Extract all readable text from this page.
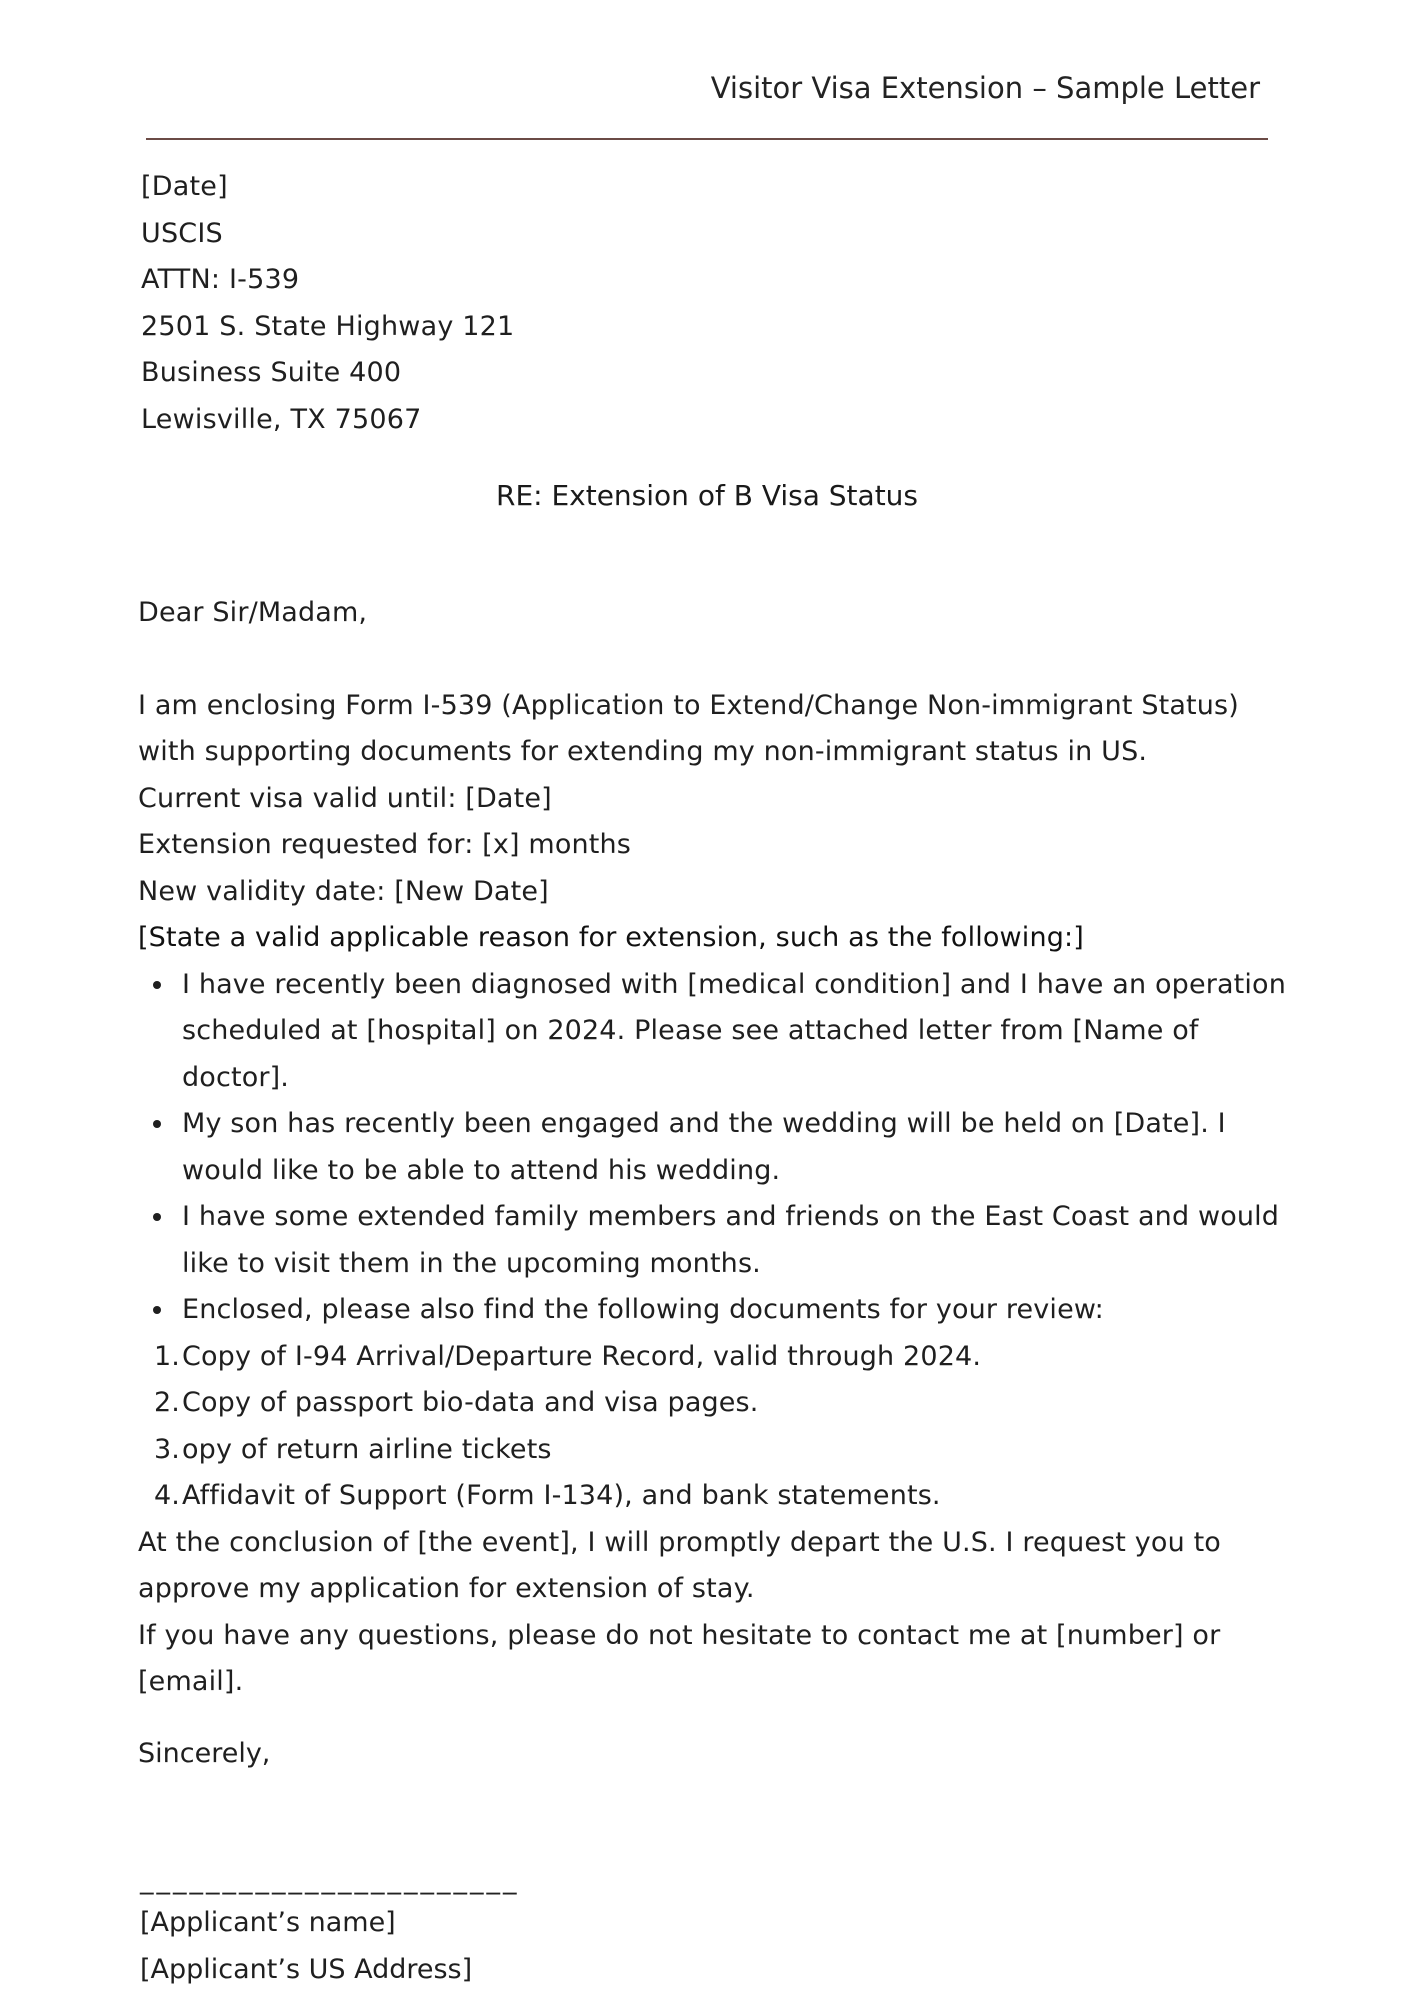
Visitor Visa Extension – Sample Letter
[Date]
USCIS
ATTN: I-539
2501 S. State Highway 121
Business Suite 400
Lewisville, TX 75067
RE: Extension of B Visa Status
Dear Sir/Madam,
I am enclosing Form I-539 (Application to Extend/Change Non-immigrant Status)
with supporting documents for extending my non-immigrant status in US.
Current visa valid until: [Date]
Extension requested for: [x] months
New validity date: [New Date]
[State a valid applicable reason for extension, such as the following:]
I have recently been diagnosed with [medical condition] and I have an operation
scheduled at [hospital] on 2024. Please see attached letter from [Name of
doctor].
My son has recently been engaged and the wedding will be held on [Date]. I
would like to be able to attend his wedding.
I have some extended family members and friends on the East Coast and would
like to visit them in the upcoming months.
Enclosed, please also find the following documents for your review:
1. Copy of I-94 Arrival/Departure Record, valid through 2024.
2. Copy of passport bio-data and visa pages.
3. opy of return airline tickets
4. Affidavit of Support (Form I-134), and bank statements.
At the conclusion of [the event], I will promptly depart the U.S. I request you to
approve my application for extension of stay.
If you have any questions, please do not hesitate to contact me at [number] or
[email].
Sincerely,
_______________________
[Applicant’s name]
[Applicant’s US Address]
